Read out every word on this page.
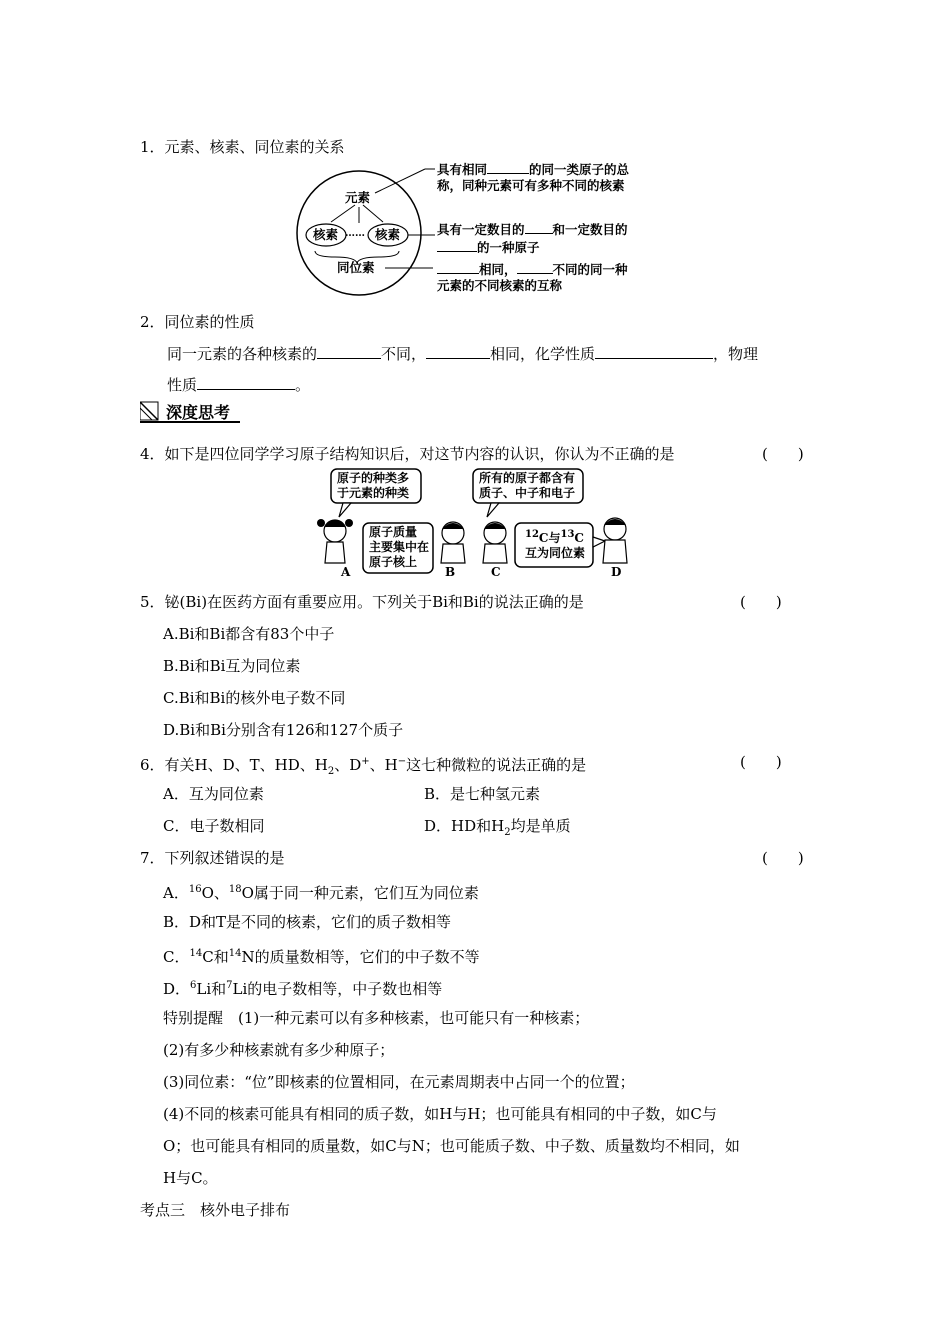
1．元素、核素、同位素的关系
元素
核素 …… 核素
同位素
具有相同	的同一类原子的总
称，同种元素可有多种不同的核素
具有一定数目的 和一定数目的
的一种原子
相同，	不同的同一种
元素的不同核素的互称
2．同位素的性质
同一元素的各种核素的	不同，	相同，化学性质	，物理
性质	。
深度思考
4．如下是四位同学学习原子结构知识后，对这节内容的认识，你认为不正确的是	(　　)
原子的种类多
于元素的种类
原子质量
主要集中在
原子核上
所有的原子都含有
质子、中子和电子
$^{12}$C与$^{13}$C
互为同位素
A	B	C	D
5．铋(Bi)在医药方面有重要应用。下列关于Bi和Bi的说法正确的是	(　　)
A.Bi和Bi都含有83个中子
B.Bi和Bi互为同位素
C.Bi和Bi的核外电子数不同
D.Bi和Bi分别含有126和127个质子
6．有关H、D、T、HD、$H_2$、D+、H−这七种微粒的说法正确的是	(　　)
A．互为同位素	B．是七种氢元素
C．电子数相同	D．HD和$H_2$均是单质
7．下列叙述错误的是	(　　)
A．$^{16}$O、$^{18}$O属于同一种元素，它们互为同位素
B．D和T是不同的核素，它们的质子数相等
C．$^{14}$C和$^{14}$N的质量数相等，它们的中子数不等
D．$^6$Li和$^7$Li的电子数相等，中子数也相等
特别提醒　(1)一种元素可以有多种核素，也可能只有一种核素；
(2)有多少种核素就有多少种原子；
(3)同位素：“位”即核素的位置相同，在元素周期表中占同一个的位置；
(4)不同的核素可能具有相同的质子数，如H与H；也可能具有相同的中子数，如C与
O；也可能具有相同的质量数，如C与N；也可能质子数、中子数、质量数均不相同，如
H与C。
考点三　核外电子排布
